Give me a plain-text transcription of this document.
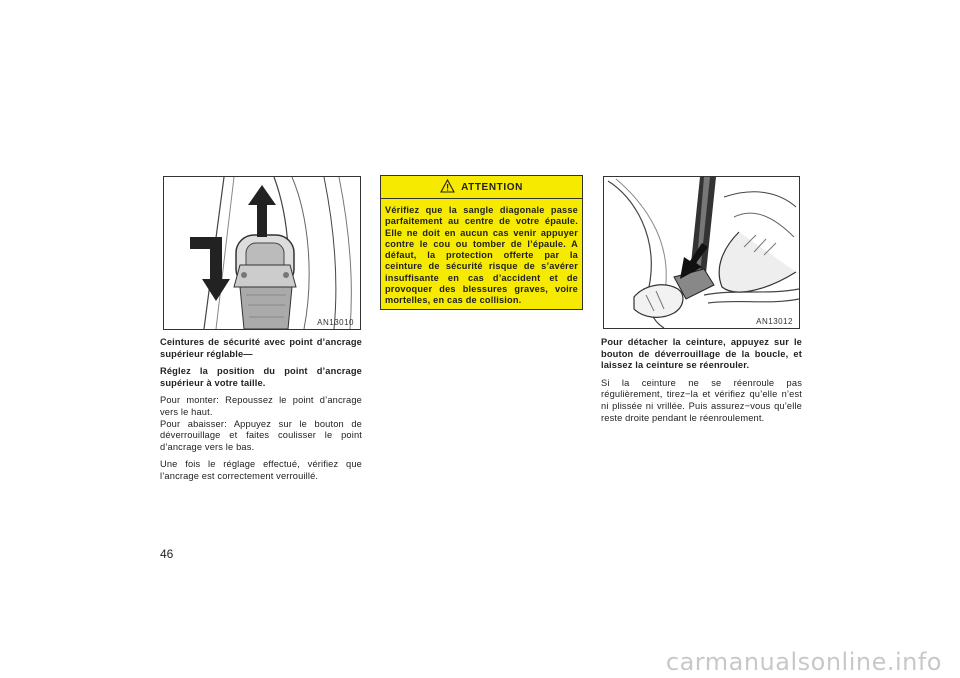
AN13010

Ceintures de sécurité avec point d’ancrage supérieur réglable—

Réglez la position du point d’ancrage supérieur à votre taille.

Pour monter: Repoussez le point d’ancrage vers le haut.

Pour abaisser: Appuyez sur le bouton de déverrouillage et faites coulisser le point d’ancrage vers le bas.

Une fois le réglage effectué, vérifiez que l’ancrage est correctement verrouillé.

ATTENTION
Vérifiez que la sangle diagonale passe parfaitement au centre de votre épaule. Elle ne doit en aucun cas venir appuyer contre le cou ou tomber de l’épaule. A défaut, la protection offerte par la ceinture de sécurité risque de s’avérer insuffisante en cas d’accident et de provoquer des blessures graves, voire mortelles, en cas de collision.
AN13012

Pour détacher la ceinture, appuyez sur le bouton de déverrouillage de la boucle, et laissez la ceinture se réenrouler.

Si la ceinture ne se réenroule pas régulièrement, tirez−la et vérifiez qu’elle n’est ni plissée ni vrillée. Puis assurez−vous qu’elle reste droite pendant le réenroulement.

46
carmanualsonline.info
